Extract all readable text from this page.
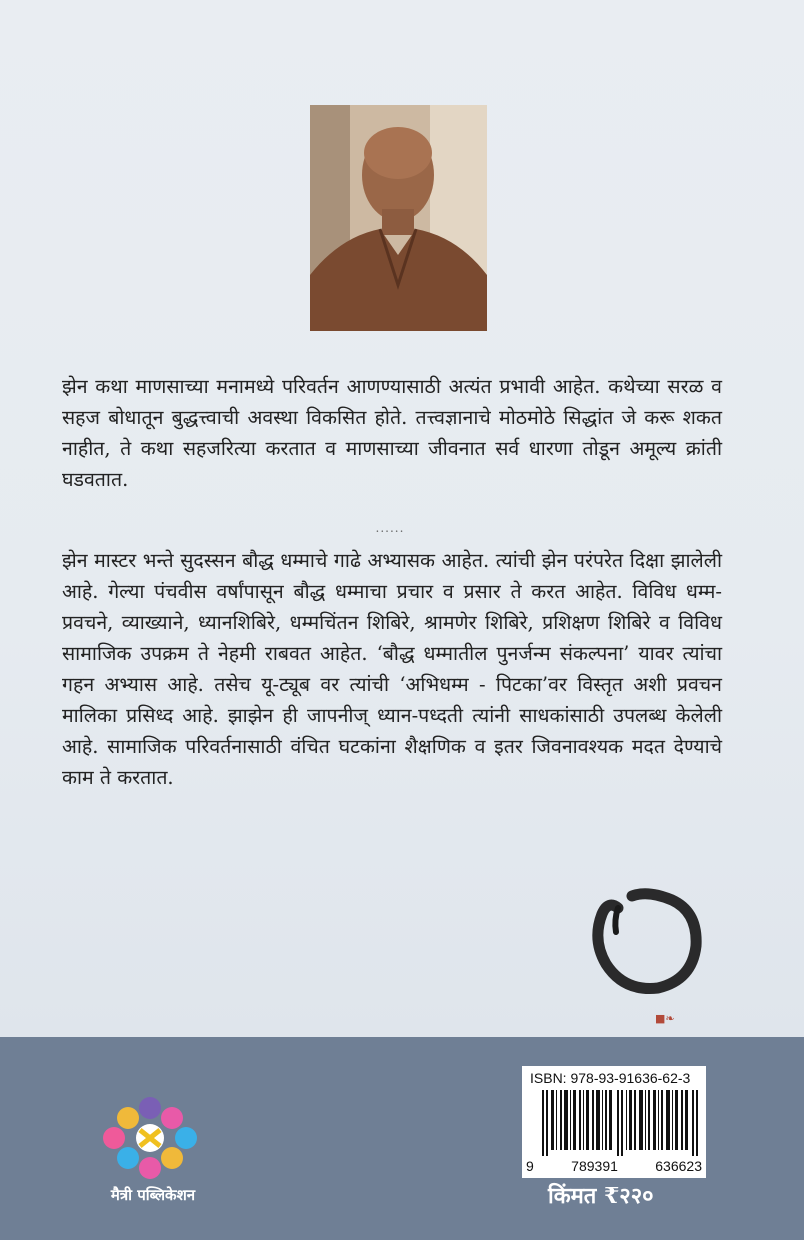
झेन कथा माणसाच्या मनामध्ये परिवर्तन आणण्यासाठी अत्यंत प्रभावी आहेत. कथेच्या सरळ व सहज बोधातून बुद्धत्त्वाची अवस्था विकसित होते. तत्त्वज्ञानाचे मोठमोठे सिद्धांत जे करू शकत नाहीत, ते कथा सहजरित्या करतात व माणसाच्या जीवनात सर्व धारणा तोडून अमूल्य क्रांती घडवतात.
......
झेन मास्टर भन्ते सुदस्सन बौद्ध धम्माचे गाढे अभ्यासक आहेत. त्यांची झेन परंपरेत दिक्षा झालेली आहे. गेल्या पंचवीस वर्षांपासून बौद्ध धम्माचा प्रचार व प्रसार ते करत आहेत. विविध धम्म-प्रवचने, व्याख्याने, ध्यानशिबिरे, धम्मचिंतन शिबिरे, श्रामणेर शिबिरे, प्रशिक्षण शिबिरे व विविध सामाजिक उपक्रम ते नेहमी राबवत आहेत. ‘बौद्ध धम्मातील पुनर्जन्म संकल्पना’ यावर त्यांचा गहन अभ्यास आहे. तसेच यू-ट्यूब वर त्यांची ‘अभिधम्म - पिटका’वर विस्तृत अशी प्रवचन मालिका प्रसिध्द आहे. झाझेन ही जापनीज् ध्यान-पध्दती त्यांनी साधकांसाठी उपलब्ध केलेली आहे. सामाजिक परिवर्तनासाठी वंचित घटकांना शैक्षणिक व इतर जिवनावश्यक मदत देण्याचे काम ते करतात.
■❧
मैत्री पब्लिकेशन
ISBN: 978-93-91636-62-3
9	789391	636623
किंमत ₹२२०
